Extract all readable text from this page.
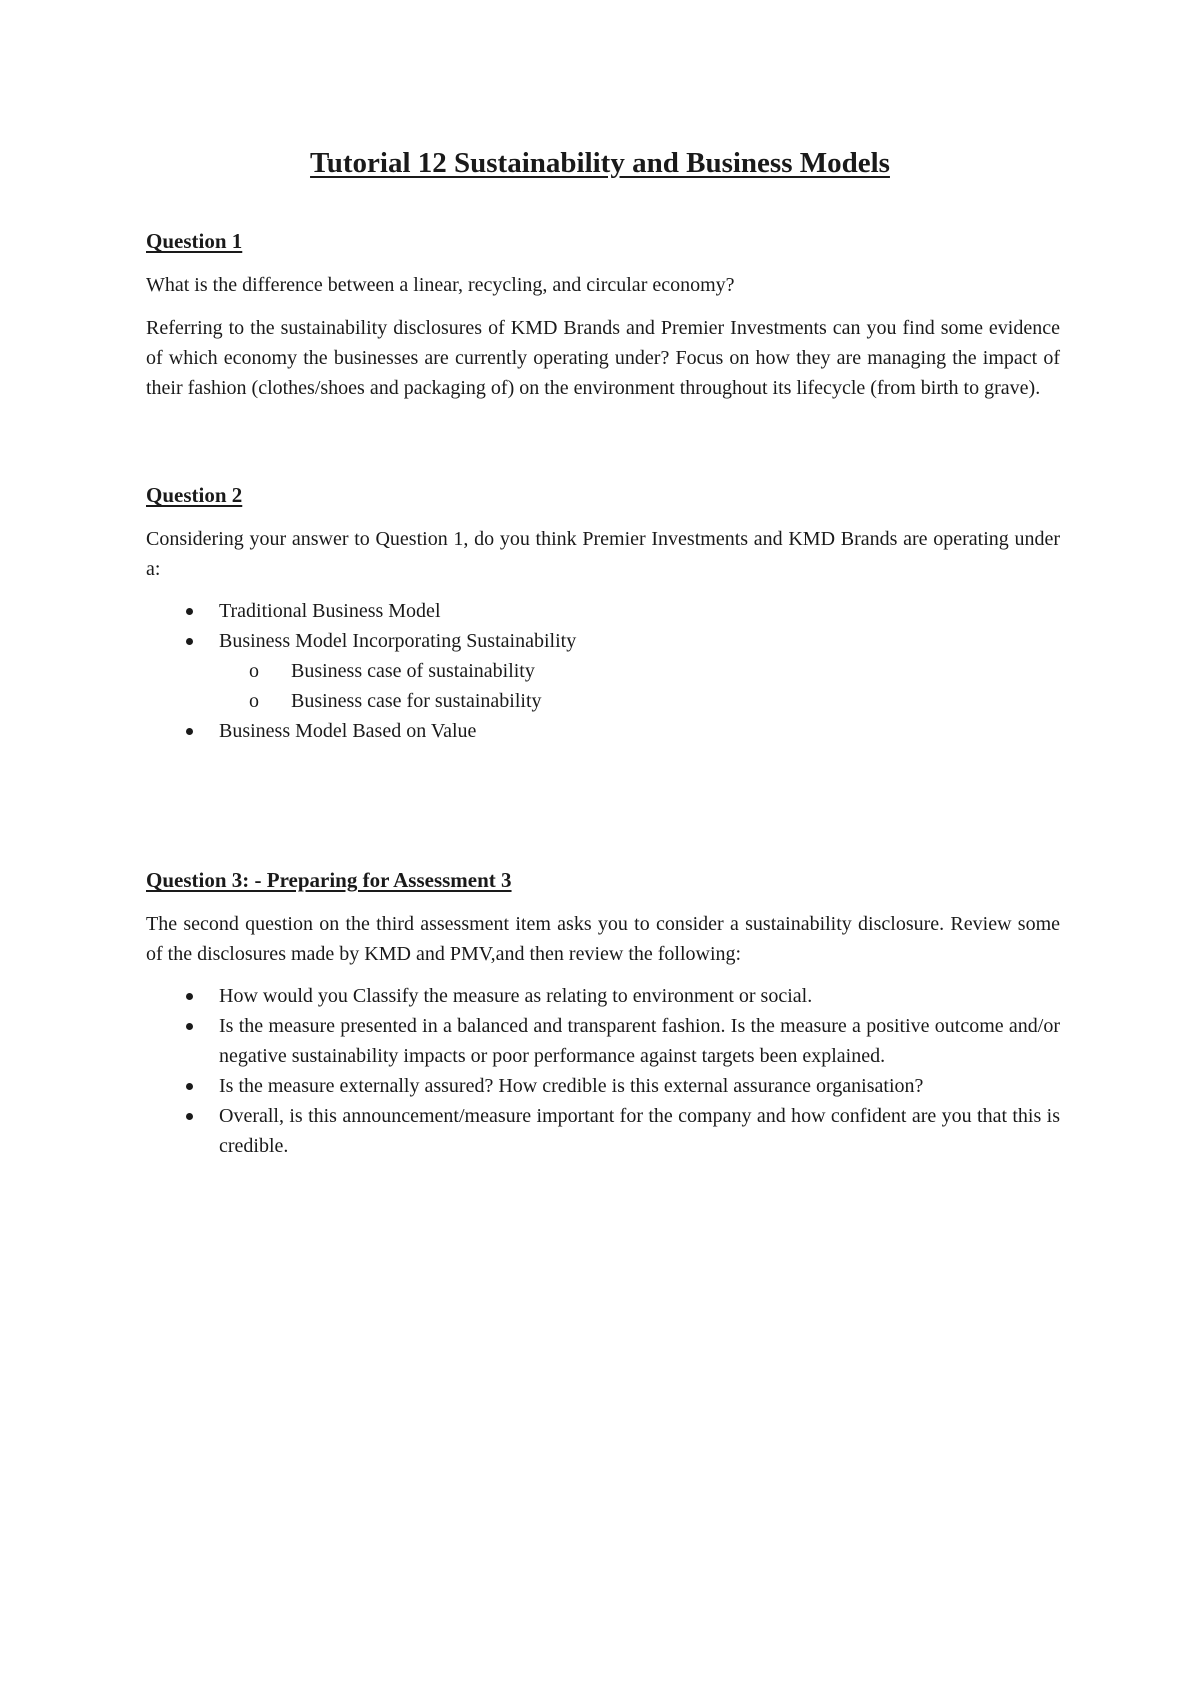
Tutorial 12 Sustainability and Business Models

Question 1

What is the difference between a linear, recycling, and circular economy?

Referring to the sustainability disclosures of KMD Brands and Premier Investments can you find some evidence of which economy the businesses are currently operating under? Focus on how they are managing the impact of their fashion (clothes/shoes and packaging of) on the environment throughout its lifecycle (from birth to grave).

Question 2

Considering your answer to Question 1, do you think Premier Investments and KMD Brands are operating under a:

Traditional Business Model
Business Model Incorporating Sustainability
o Business case of sustainability
o Business case for sustainability
Business Model Based on Value

Question 3: - Preparing for Assessment 3

The second question on the third assessment item asks you to consider a sustainability disclosure. Review some of the disclosures made by KMD and PMV,and then review the following:

How would you Classify the measure as relating to environment or social.
Is the measure presented in a balanced and transparent fashion. Is the measure a positive outcome and/or negative sustainability impacts or poor performance against targets been explained.
Is the measure externally assured? How credible is this external assurance organisation?
Overall, is this announcement/measure important for the company and how confident are you that this is credible.
